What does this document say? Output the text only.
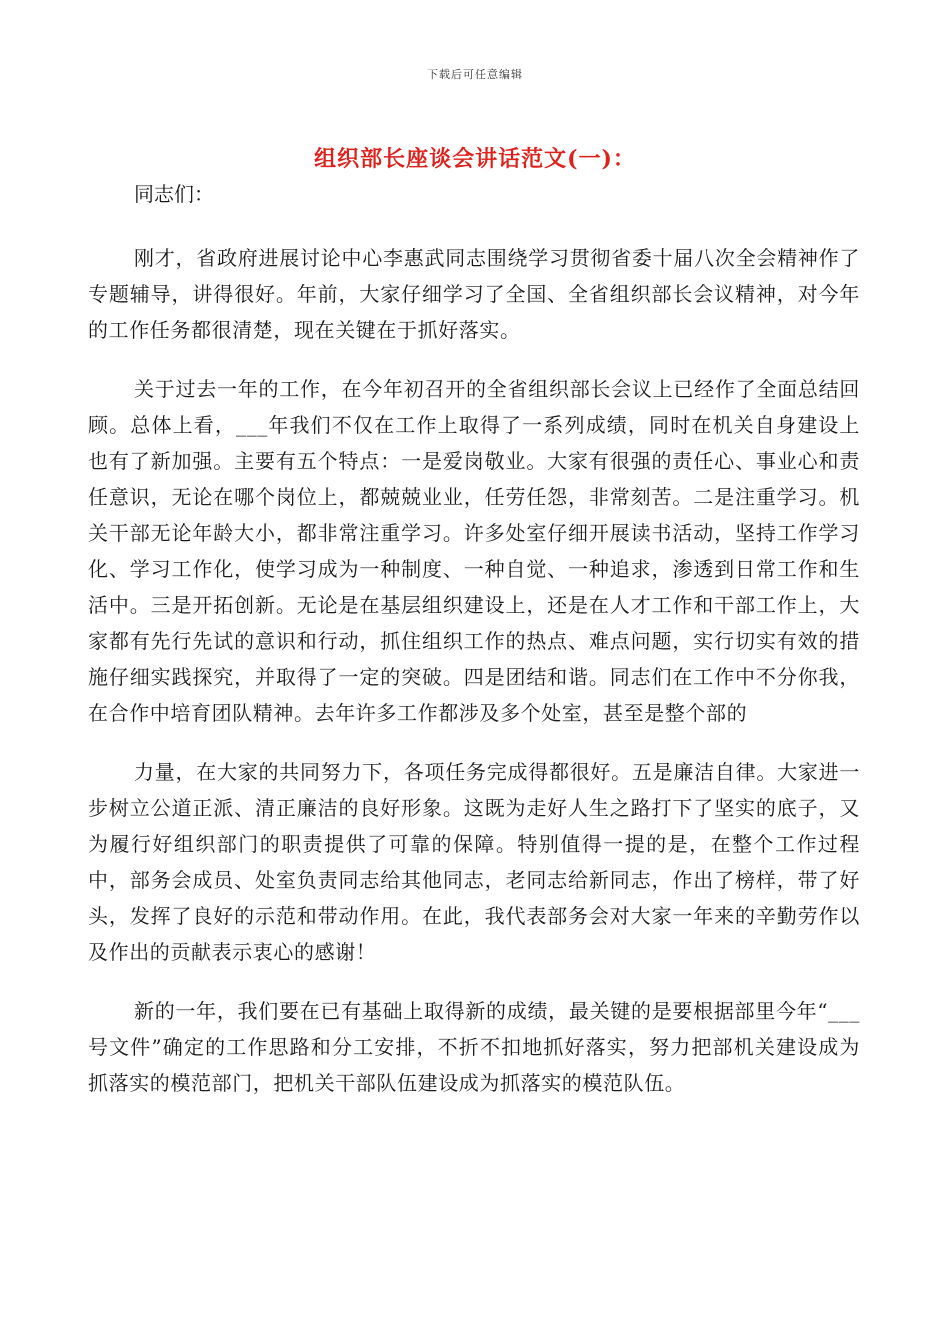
下载后可任意编辑
组织部长座谈会讲话范文(一)：

同志们：

刚才，省政府进展讨论中心李惠武同志围绕学习贯彻省委十届八次全会精神作了专题辅导，讲得很好。年前，大家仔细学习了全国、全省组织部长会议精神，对今年的工作任务都很清楚，现在关键在于抓好落实。

关于过去一年的工作，在今年初召开的全省组织部长会议上已经作了全面总结回顾。总体上看，___年我们不仅在工作上取得了一系列成绩，同时在机关自身建设上也有了新加强。主要有五个特点：一是爱岗敬业。大家有很强的责任心、事业心和责任意识，无论在哪个岗位上，都兢兢业业，任劳任怨，非常刻苦。二是注重学习。机关干部无论年龄大小，都非常注重学习。许多处室仔细开展读书活动，坚持工作学习化、学习工作化，使学习成为一种制度、一种自觉、一种追求，渗透到日常工作和生活中。三是开拓创新。无论是在基层组织建设上，还是在人才工作和干部工作上，大家都有先行先试的意识和行动，抓住组织工作的热点、难点问题，实行切实有效的措施仔细实践探究，并取得了一定的突破。四是团结和谐。同志们在工作中不分你我，在合作中培育团队精神。去年许多工作都涉及多个处室，甚至是整个部的

力量，在大家的共同努力下，各项任务完成得都很好。五是廉洁自律。大家进一步树立公道正派、清正廉洁的良好形象。这既为走好人生之路打下了坚实的底子，又为履行好组织部门的职责提供了可靠的保障。特别值得一提的是，在整个工作过程中，部务会成员、处室负责同志给其他同志，老同志给新同志，作出了榜样，带了好头，发挥了良好的示范和带动作用。在此，我代表部务会对大家一年来的辛勤劳作以及作出的贡献表示衷心的感谢！

新的一年，我们要在已有基础上取得新的成绩，最关键的是要根据部里今年“___号文件”确定的工作思路和分工安排，不折不扣地抓好落实，努力把部机关建设成为抓落实的模范部门，把机关干部队伍建设成为抓落实的模范队伍。
